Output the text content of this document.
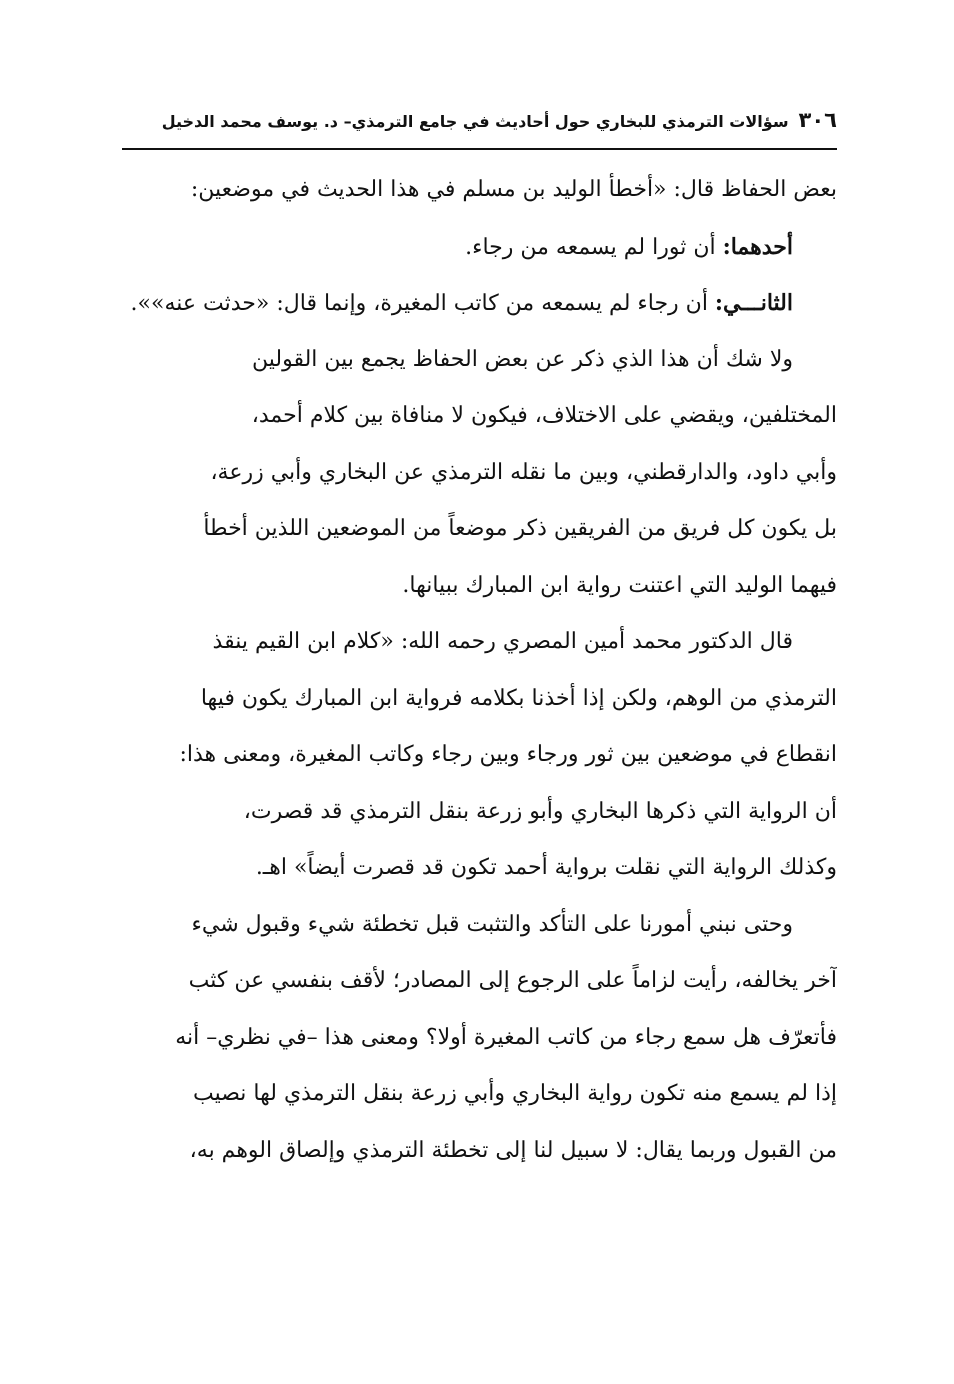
٣٠٦
سؤالات الترمذي للبخاري حول أحاديث في جامع الترمذي– د. يوسف محمد الدخيل
بعض الحفاظ قال: «أخطأ الوليد بن مسلم في هذا الحديث في موضعين:
أحدهما: أن ثورا لم يسمعه من رجاء.
الثانـــي: أن رجاء لم يسمعه من كاتب المغيرة، وإنما قال: «حدثت عنه»».
ولا شك أن هذا الذي ذكر عن بعض الحفاظ يجمع بين القولين
المختلفين، ويقضي على الاختلاف، فيكون لا منافاة بين كلام أحمد،
وأبي داود، والدارقطني، وبين ما نقله الترمذي عن البخاري وأبي زرعة،
بل يكون كل فريق من الفريقين ذكر موضعاً من الموضعين اللذين أخطأ
فيهما الوليد التي اعتنت رواية ابن المبارك ببيانها.
قال الدكتور محمد أمين المصري رحمه الله: «كلام ابن القيم ينقذ
الترمذي من الوهم، ولكن إذا أخذنا بكلامه فرواية ابن المبارك يكون فيها
انقطاع في موضعين بين ثور ورجاء وبين رجاء وكاتب المغيرة، ومعنى هذا:
أن الرواية التي ذكرها البخاري وأبو زرعة بنقل الترمذي قد قصرت،
وكذلك الرواية التي نقلت برواية أحمد تكون قد قصرت أيضاً» اهـ.
وحتى نبني أمورنا على التأكد والتثبت قبل تخطئة شيء وقبول شيء
آخر يخالفه، رأيت لزاماً على الرجوع إلى المصادر؛ لأقف بنفسي عن كثب
فأتعرّف هل سمع رجاء من كاتب المغيرة أولا؟ ومعنى هذا –في نظري– أنه
إذا لم يسمع منه تكون رواية البخاري وأبي زرعة بنقل الترمذي لها نصيب
من القبول وربما يقال: لا سبيل لنا إلى تخطئة الترمذي وإلصاق الوهم به،
